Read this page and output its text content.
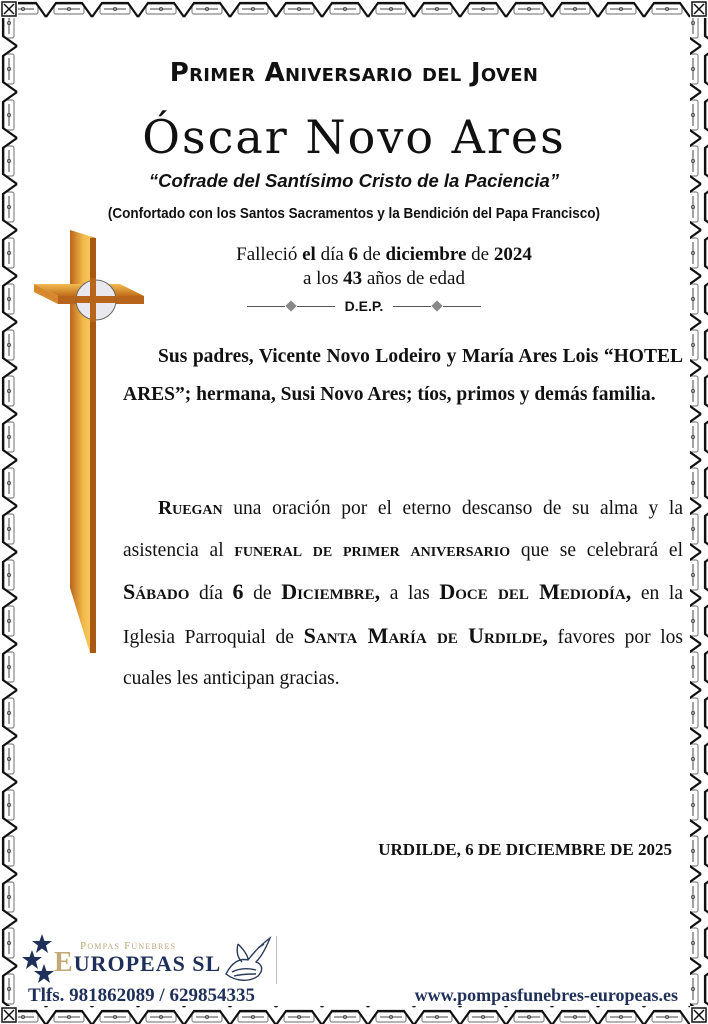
Primer Aniversario del Joven
Óscar Novo Ares
“Cofrade del Santísimo Cristo de la Paciencia”
(Confortado con los Santos Sacramentos y la Bendición del Papa Francisco)
Falleció el día 6 de diciembre de 2024
a los 43 años de edad
D.E.P.
Sus padres, Vicente Novo Lodeiro y María Ares Lois “HOTEL ARES”; hermana, Susi Novo Ares; tíos, primos y demás familia.
Ruegan una oración por el eterno descanso de su alma y la asistencia al funeral de primer aniversario que se celebrará el Sábado día 6 de Diciembre, a las Doce del Mediodía, en la Iglesia Parroquial de Santa María de Urdilde, favores por los cuales les anticipan gracias.
URDILDE, 6 DE DICIEMBRE DE 2025
Pompas Fúnebres
EUROPEAS SL
Tlfs. 981862089 / 629854335	www.pompasfunebres-europeas.es
